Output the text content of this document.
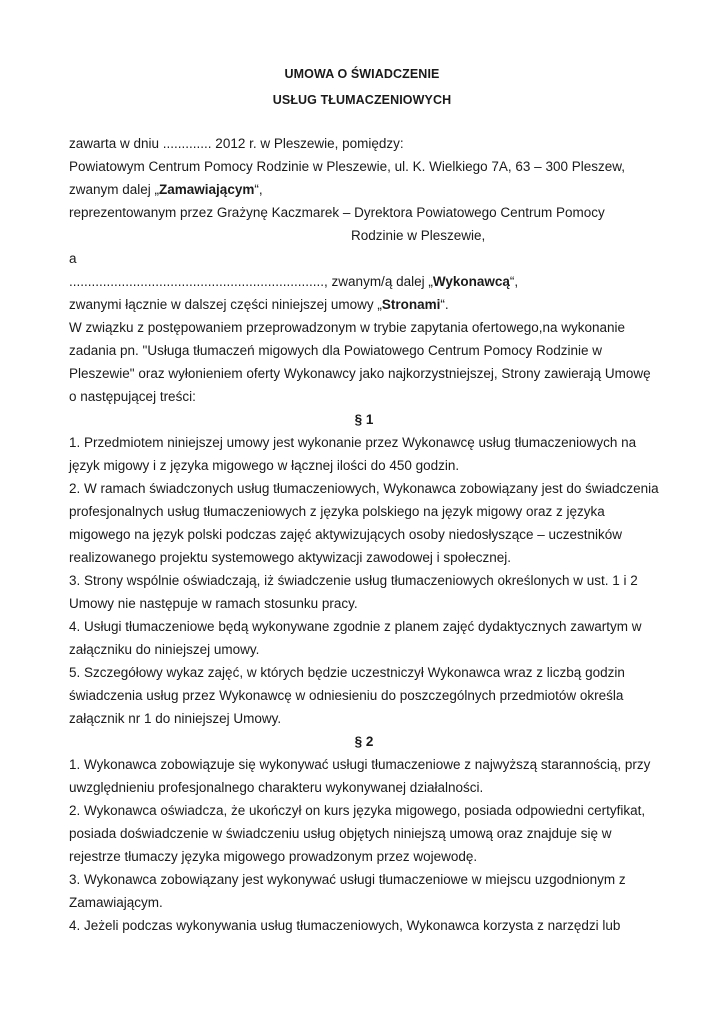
UMOWA O ŚWIADCZENIE
USŁUG TŁUMACZENIOWYCH

zawarta w dniu ............. 2012 r. w Pleszewie, pomiędzy:

Powiatowym Centrum Pomocy Rodzinie w Pleszewie, ul. K. Wielkiego 7A, 63 – 300 Pleszew,

zwanym dalej „Zamawiającym“,

reprezentowanym przez Grażynę Kaczmarek – Dyrektora Powiatowego Centrum Pomocy

Rodzinie w Pleszewie,

a

...................................................................., zwanym/ą dalej „Wykonawcą“,

zwanymi łącznie w dalszej części niniejszej umowy „Stronami“.

W związku z postępowaniem przeprowadzonym w trybie zapytania ofertowego,na wykonanie

zadania pn. "Usługa tłumaczeń migowych dla Powiatowego Centrum Pomocy Rodzinie w

Pleszewie" oraz wyłonieniem oferty Wykonawcy jako najkorzystniejszej, Strony zawierają Umowę

o następującej treści:

§ 1

1. Przedmiotem niniejszej umowy jest wykonanie przez Wykonawcę usług tłumaczeniowych na

język migowy i z języka migowego w łącznej ilości do 450 godzin.

2. W ramach świadczonych usług tłumaczeniowych, Wykonawca zobowiązany jest do świadczenia

profesjonalnych usług tłumaczeniowych z języka polskiego na język migowy oraz z języka

migowego na język polski podczas zajęć aktywizujących osoby niedosłyszące – uczestników

realizowanego projektu systemowego aktywizacji zawodowej i społecznej.

3. Strony wspólnie oświadczają, iż świadczenie usług tłumaczeniowych określonych w ust. 1 i 2

Umowy nie następuje w ramach stosunku pracy.

4. Usługi tłumaczeniowe będą wykonywane zgodnie z planem zajęć dydaktycznych zawartym w

załączniku do niniejszej umowy.

5. Szczegółowy wykaz zajęć, w których będzie uczestniczył Wykonawca wraz z liczbą godzin

świadczenia usług przez Wykonawcę w odniesieniu do poszczególnych przedmiotów określa

załącznik nr 1 do niniejszej Umowy.

§ 2

1. Wykonawca zobowiązuje się wykonywać usługi tłumaczeniowe z najwyższą starannością, przy

uwzględnieniu profesjonalnego charakteru wykonywanej działalności.

2. Wykonawca oświadcza, że ukończył on kurs języka migowego, posiada odpowiedni certyfikat,

posiada doświadczenie w świadczeniu usług objętych niniejszą umową oraz znajduje się w

rejestrze tłumaczy języka migowego prowadzonym przez wojewodę.

3. Wykonawca zobowiązany jest wykonywać usługi tłumaczeniowe w miejscu uzgodnionym z

Zamawiającym.

4. Jeżeli podczas wykonywania usług tłumaczeniowych, Wykonawca korzysta z narzędzi lub
